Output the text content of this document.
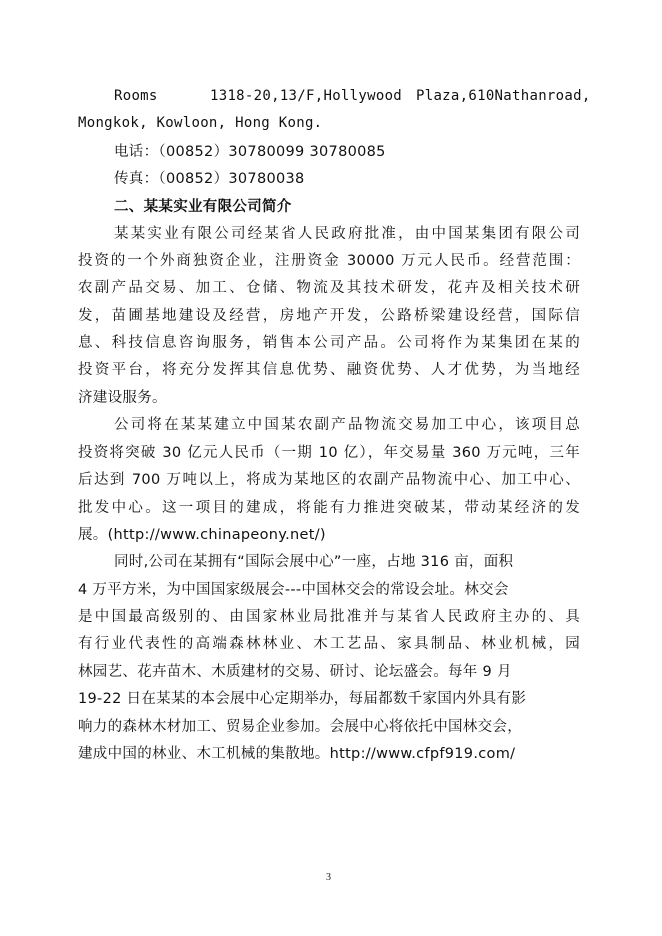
Rooms	1318-20,13/F,Hollywood Plaza,610Nathanroad,
Mongkok, Kowloon, Hong Kong.
电话：（00852）30780099 30780085
传真：（00852）30780038
二、某某实业有限公司简介
某某实业有限公司经某省人民政府批准，由中国某集团有限公司
投资的一个外商独资企业，注册资金 30000 万元人民币。经营范围：
农副产品交易、加工、仓储、物流及其技术研发，花卉及相关技术研
发，苗圃基地建设及经营，房地产开发，公路桥梁建设经营，国际信
息、科技信息咨询服务，销售本公司产品。公司将作为某集团在某的
投资平台，将充分发挥其信息优势、融资优势、人才优势，为当地经
济建设服务。
公司将在某某建立中国某农副产品物流交易加工中心，该项目总
投资将突破 30 亿元人民币（一期 10 亿），年交易量 360 万元吨，三年
后达到 700 万吨以上，将成为某地区的农副产品物流中心、加工中心、
批发中心。这一项目的建成，将能有力推进突破某，带动某经济的发
展。(http://www.chinapeony.net/)
同时,公司在某拥有“国际会展中心”一座，占地 316 亩，面积
4 万平方米，为中国国家级展会---中国林交会的常设会址。林交会
是中国最高级别的、由国家林业局批准并与某省人民政府主办的、具
有行业代表性的高端森林林业、木工艺品、家具制品、林业机械，园
林园艺、花卉苗木、木质建材的交易、研讨、论坛盛会。每年 9 月
19-22 日在某某的本会展中心定期举办，每届都数千家国内外具有影
响力的森林木材加工、贸易企业参加。会展中心将依托中国林交会，
建成中国的林业、木工机械的集散地。http://www.cfpf919.com/
3
